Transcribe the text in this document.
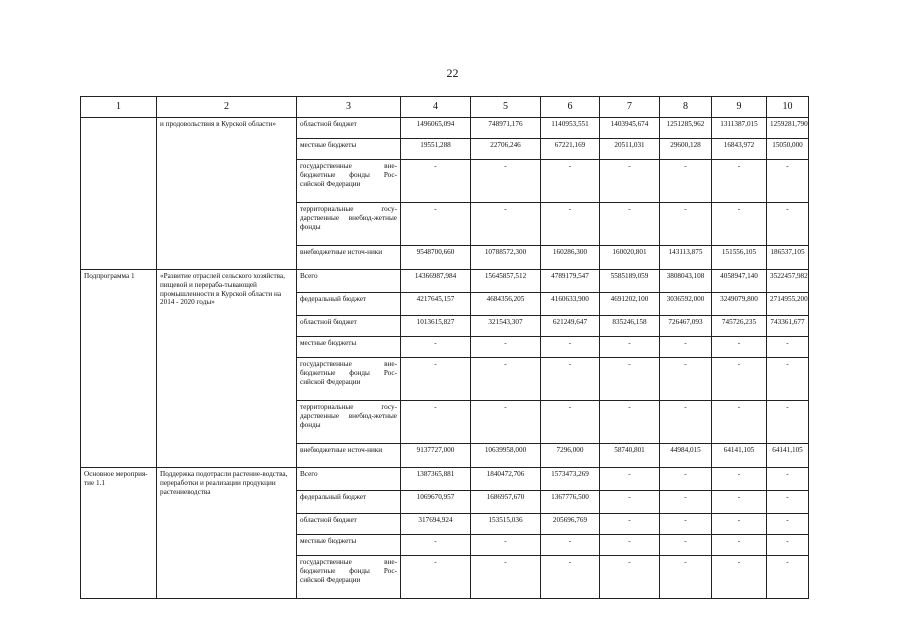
22
1	2	3	4	5	6	7	8	9	10
	и продовольствия в Курской области»	областной бюджет	1496065,094	748971,176	1140953,551	1403945,674	1251285,962	1311387,015	1259281,790
		местные бюджеты	19551,288	22706,246	67221,169	20511,031	29600,128	16843,972	15050,000
		государственные вне-бюджетные фонды Рос-сийской Федерации	-	-	-	-	-	-	-
		территориальные госу-дарственные внебюд-жетные фонды	-	-	-	-	-	-	-
		внебюджетные источ-ники	9548700,660	10788572,300	160286,300	160020,801	143113,875	151556,105	186537,105
Подпрограмма 1	«Развитие отраслей сельского хозяйства, пищевой и перераба-тывающей промышленности в Курской области на 2014 - 2020 годы»	Всего	14366987,984	15645857,512	4789179,547	5585189,059	3808043,108	4058947,140	3522457,982
		федеральный бюджет	4217645,157	4684356,205	4160633,900	4691202,100	3036592,000	3249079,800	2714955,200
		областной бюджет	1013615,827	321543,307	621249,647	835246,158	726467,093	745726,235	743361,677
		местные бюджеты	-	-	-	-	-	-	-
		государственные вне-бюджетные фонды Рос-сийской Федерации	-	-	-	-	-	-	-
		территориальные госу-дарственные внебюд-жетные фонды	-	-	-	-	-	-	-
		внебюджетные источ-ники	9137727,000	10639958,000	7296,000	58740,801	44984,015	64141,105	64141,105
Основное мероприя-тие 1.1	Поддержка подотрасли растение-водства, переработки и реализации продукции растениеводства	Всего	1387365,881	1840472,706	1573473,269	-	-	-	-
		федеральный бюджет	1069670,957	1686957,670	1367776,500	-	-	-	-
		областной бюджет	317694,924	153515,036	205696,769	-	-	-	-
		местные бюджеты	-	-	-	-	-	-	-
		государственные вне-бюджетные фонды Рос-сийской Федерации	-	-	-	-	-	-	-
